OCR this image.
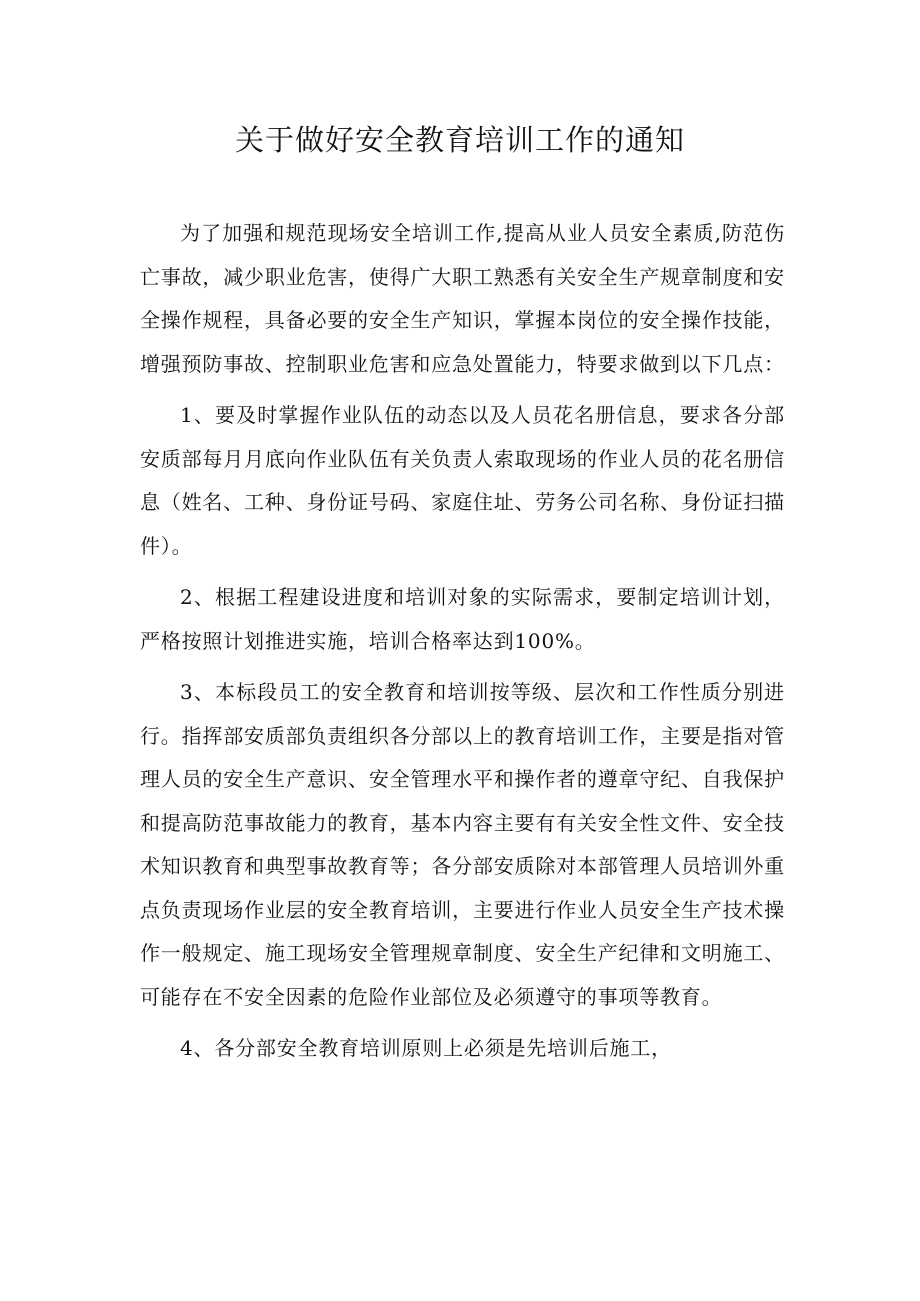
关于做好安全教育培训工作的通知

为了加强和规范现场安全培训工作,提高从业人员安全素质,防范伤亡事故，减少职业危害，使得广大职工熟悉有关安全生产规章制度和安全操作规程，具备必要的安全生产知识，掌握本岗位的安全操作技能，增强预防事故、控制职业危害和应急处置能力，特要求做到以下几点：

1、要及时掌握作业队伍的动态以及人员花名册信息，要求各分部安质部每月月底向作业队伍有关负责人索取现场的作业人员的花名册信息（姓名、工种、身份证号码、家庭住址、劳务公司名称、身份证扫描件）。

2、根据工程建设进度和培训对象的实际需求，要制定培训计划，严格按照计划推进实施，培训合格率达到100%。

3、本标段员工的安全教育和培训按等级、层次和工作性质分别进行。指挥部安质部负责组织各分部以上的教育培训工作，主要是指对管理人员的安全生产意识、安全管理水平和操作者的遵章守纪、自我保护和提高防范事故能力的教育，基本内容主要有有关安全性文件、安全技术知识教育和典型事故教育等；各分部安质除对本部管理人员培训外重点负责现场作业层的安全教育培训，主要进行作业人员安全生产技术操作一般规定、施工现场安全管理规章制度、安全生产纪律和文明施工、可能存在不安全因素的危险作业部位及必须遵守的事项等教育。

4、各分部安全教育培训原则上必须是先培训后施工，
